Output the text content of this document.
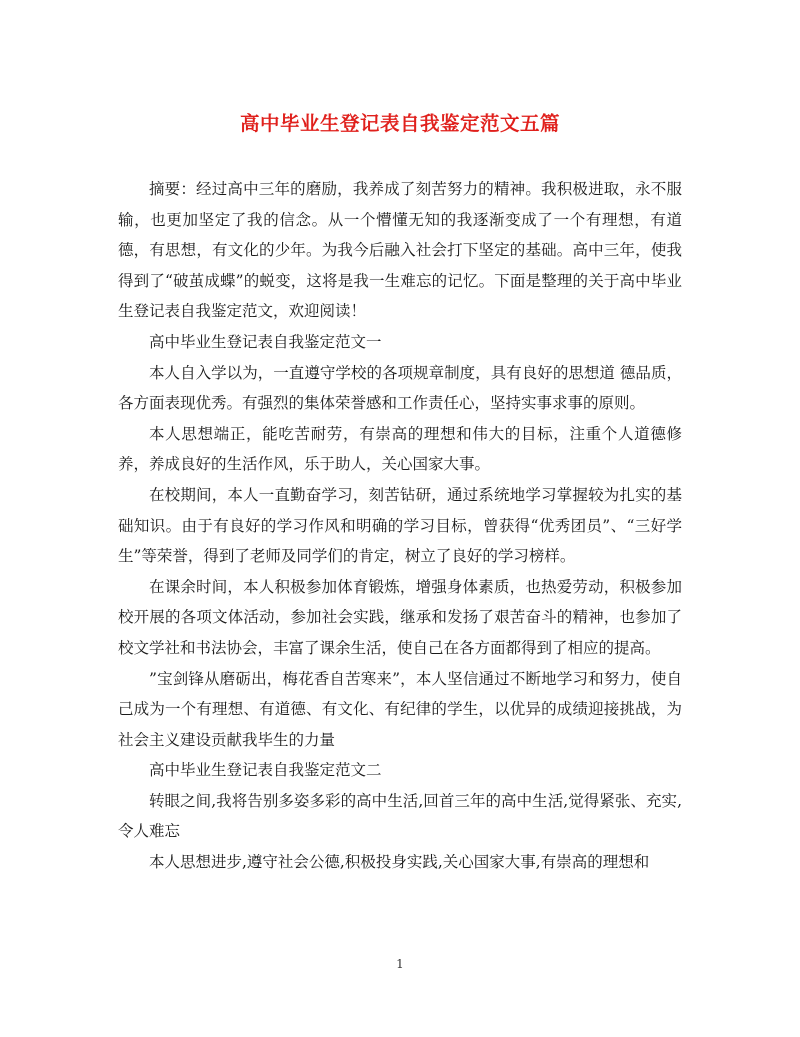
高中毕业生登记表自我鉴定范文五篇

摘要：经过高中三年的磨励，我养成了刻苦努力的精神。我积极进取，永不服输，也更加坚定了我的信念。从一个懵懂无知的我逐渐变成了一个有理想，有道德，有思想，有文化的少年。为我今后融入社会打下坚定的基础。高中三年，使我得到了“破茧成蝶”的蜕变，这将是我一生难忘的记忆。下面是整理的关于高中毕业生登记表自我鉴定范文，欢迎阅读！

高中毕业生登记表自我鉴定范文一

本人自入学以为，一直遵守学校的各项规章制度，具有良好的思想道 德品质，各方面表现优秀。有强烈的集体荣誉感和工作责任心，坚持实事求事的原则。

本人思想端正，能吃苦耐劳，有崇高的理想和伟大的目标，注重个人道德修养，养成良好的生活作风，乐于助人，关心国家大事。

在校期间，本人一直勤奋学习，刻苦钻研，通过系统地学习掌握较为扎实的基础知识。由于有良好的学习作风和明确的学习目标，曾获得“优秀团员”、“三好学生”等荣誉，得到了老师及同学们的肯定，树立了良好的学习榜样。

在课余时间，本人积极参加体育锻炼，增强身体素质，也热爱劳动，积极参加校开展的各项文体活动，参加社会实践，继承和发扬了艰苦奋斗的精神，也参加了校文学社和书法协会，丰富了课余生活，使自己在各方面都得到了相应的提高。

”宝剑锋从磨砺出，梅花香自苦寒来”，本人坚信通过不断地学习和努力，使自己成为一个有理想、有道德、有文化、有纪律的学生，以优异的成绩迎接挑战，为社会主义建设贡献我毕生的力量

高中毕业生登记表自我鉴定范文二

转眼之间,我将告别多姿多彩的高中生活,回首三年的高中生活,觉得紧张、充实,令人难忘

本人思想进步,遵守社会公德,积极投身实践,关心国家大事,有崇高的理想和

1
